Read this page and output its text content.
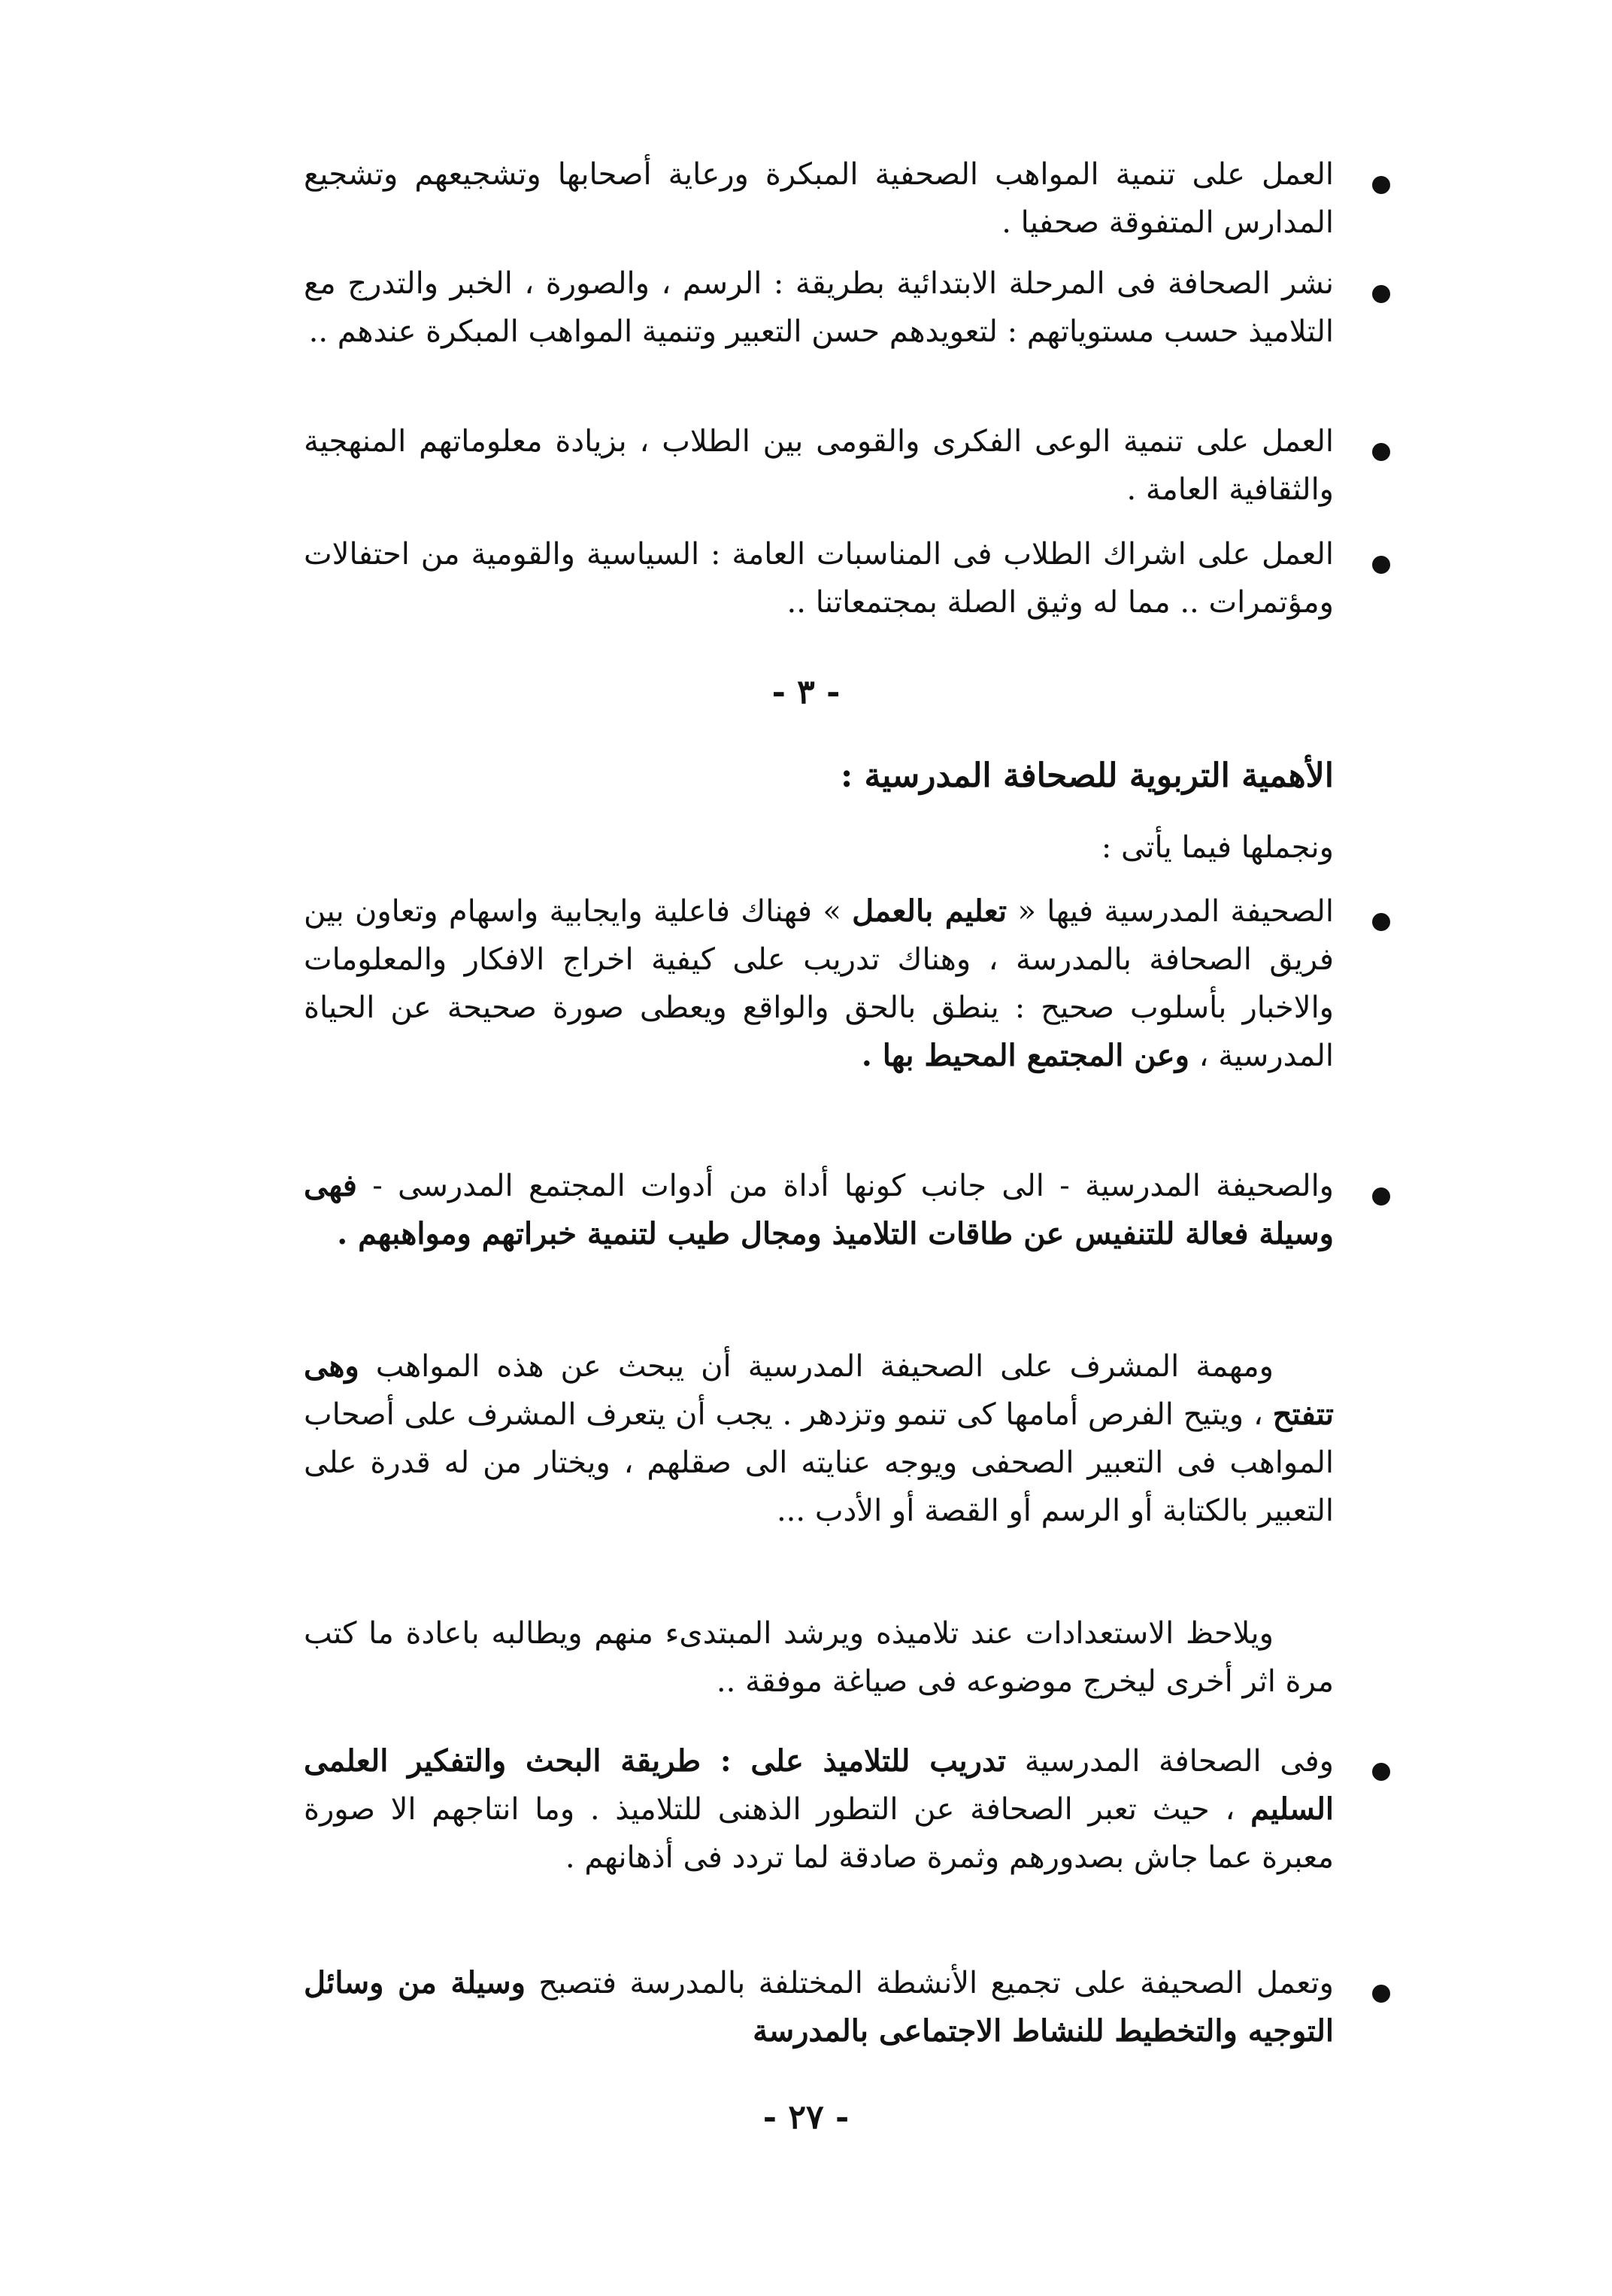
العمل على تنمية المواهب الصحفية المبكرة ورعاية أصحابها وتشجيعهم وتشجيع المدارس المتفوقة صحفيا .

نشر الصحافة فى المرحلة الابتدائية بطريقة : الرسم ، والصورة ، الخبر والتدرج مع التلاميذ حسب مستوياتهم : لتعويدهم حسن التعبير وتنمية المواهب المبكرة عندهم ..

العمل على تنمية الوعى الفكرى والقومى بين الطلاب ، بزيادة معلوماتهم المنهجية والثقافية العامة .

العمل على اشراك الطلاب فى المناسبات العامة : السياسية والقومية من احتفالات ومؤتمرات .. مما له وثيق الصلة بمجتمعاتنا ..

- ٣ -

الأهمية التربوية للصحافة المدرسية :

ونجملها فيما يأتى :

الصحيفة المدرسية فيها « تعليم بالعمل » فهناك فاعلية وايجابية واسهام وتعاون بين فريق الصحافة بالمدرسة ، وهناك تدريب على كيفية اخراج الافكار والمعلومات والاخبار بأسلوب صحيح : ينطق بالحق والواقع ويعطى صورة صحيحة عن الحياة المدرسية ، وعن المجتمع المحيط بها .

والصحيفة المدرسية - الى جانب كونها أداة من أدوات المجتمع المدرسى - فهى وسيلة فعالة للتنفيس عن طاقات التلاميذ ومجال طيب لتنمية خبراتهم ومواهبهم .

ومهمة المشرف على الصحيفة المدرسية أن يبحث عن هذه المواهب وهى تتفتح ، ويتيح الفرص أمامها كى تنمو وتزدهر . يجب أن يتعرف المشرف على أصحاب المواهب فى التعبير الصحفى ويوجه عنايته الى صقلهم ، ويختار من له قدرة على التعبير بالكتابة أو الرسم أو القصة أو الأدب ...

ويلاحظ الاستعدادات عند تلاميذه ويرشد المبتدىء منهم ويطالبه باعادة ما كتب مرة اثر أخرى ليخرج موضوعه فى صياغة موفقة ..

وفى الصحافة المدرسية تدريب للتلاميذ على : طريقة البحث والتفكير العلمى السليم ، حيث تعبر الصحافة عن التطور الذهنى للتلاميذ . وما انتاجهم الا صورة معبرة عما جاش بصدورهم وثمرة صادقة لما تردد فى أذهانهم .

وتعمل الصحيفة على تجميع الأنشطة المختلفة بالمدرسة فتصبح وسيلة من وسائل التوجيه والتخطيط للنشاط الاجتماعى بالمدرسة

- ٢٧ -
